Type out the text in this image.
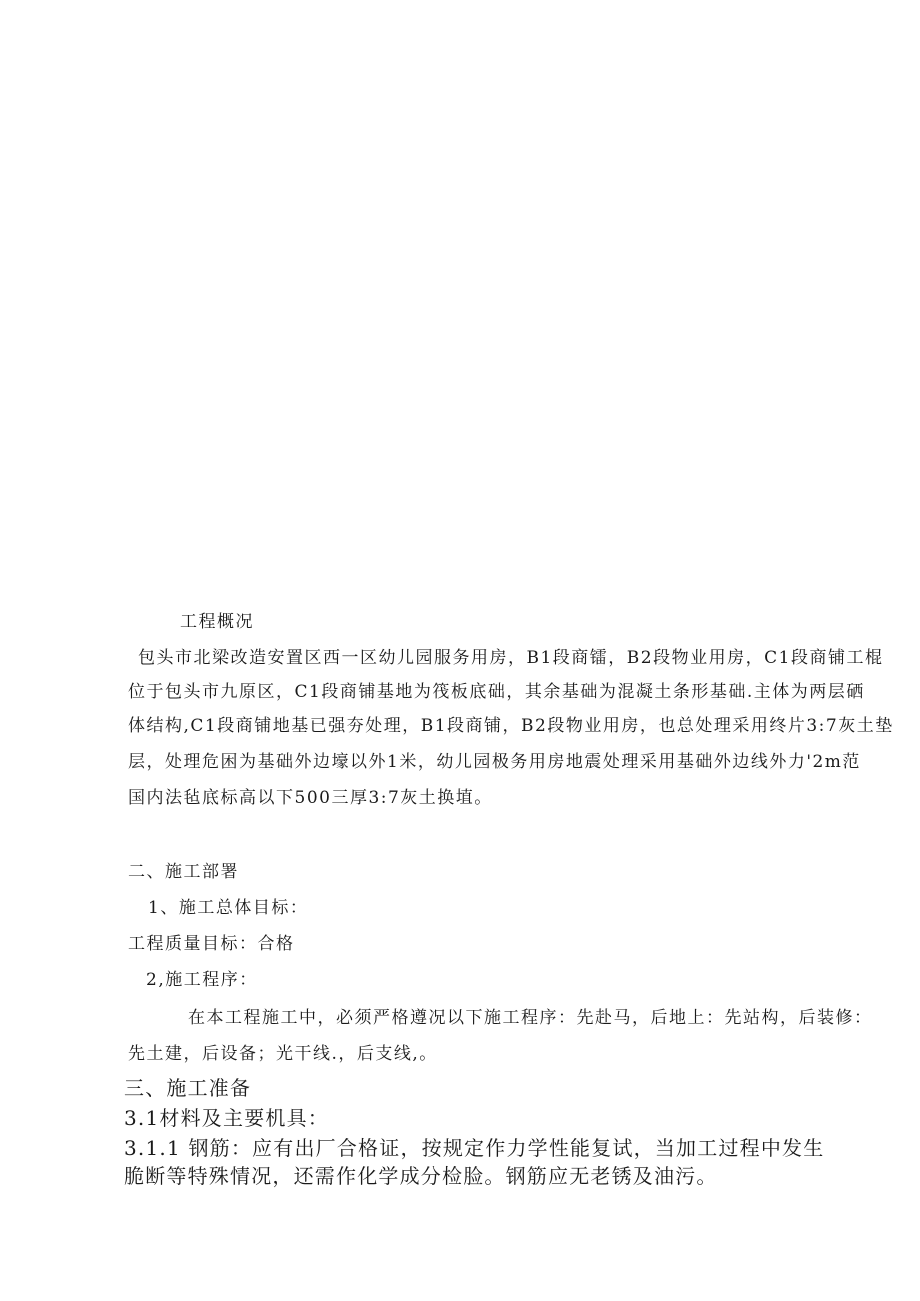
工程概况
包头市北梁改造安置区西一区幼儿园服务用房，B1段商镭，B2段物业用房，C1段商铺工棍
位于包头市九原区，C1段商铺基地为筏板底础，其余基础为混凝土条形基础.主体为两层硒
体结构,C1段商铺地基已强夯处理，B1段商铺，B2段物业用房，也总处理采用终片3:7灰土垫
层，处理危困为基础外边壕以外1米，幼儿园极务用房地震处理采用基础外边线外力'2m范
国内法毡底标高以下500三厚3:7灰土换埴。
二、施工部署
1、施工总体目标：
工程质量目标：合格
2,施工程序：
在本工程施工中，必须严格遵况以下施工程序：先赴马，后地上：先站构，后装修：
先土建，后设备；光干线.，后支线,。
三、施工准备
3.1材料及主要机具：
3.1.1 钢筋：应有出厂合格证，按规定作力学性能复试，当加工过程中发生
脆断等特殊情况，还需作化学成分检脸。钢筋应无老锈及油污。
